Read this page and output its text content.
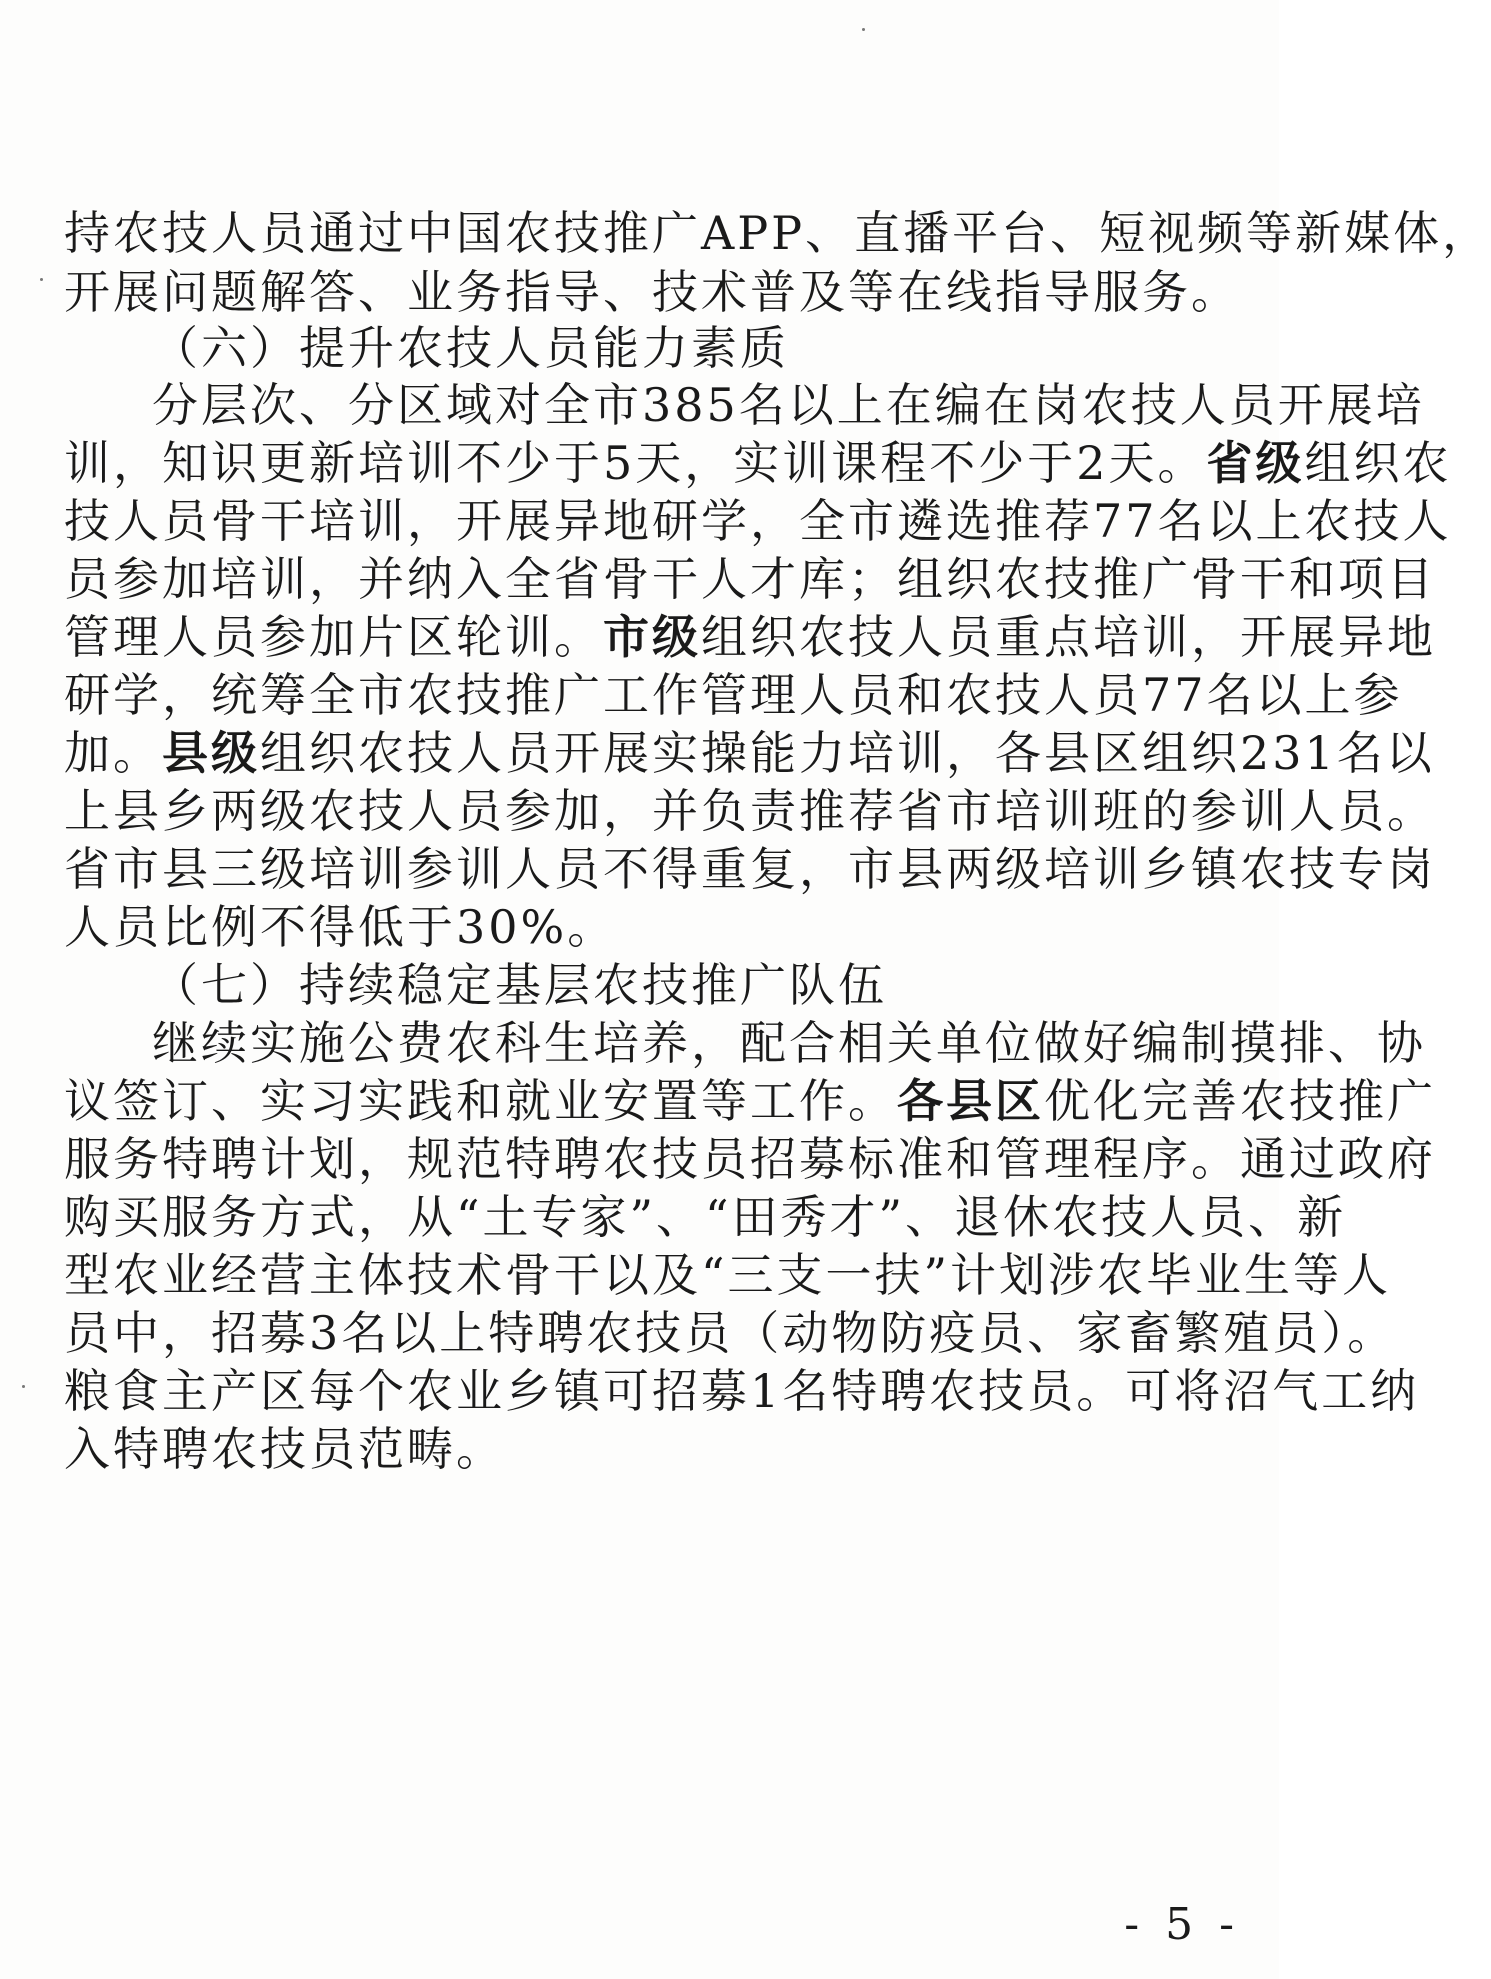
持农技人员通过中国农技推广APP、直播平台、短视频等新媒体，
开展问题解答、业务指导、技术普及等在线指导服务。
（六）提升农技人员能力素质
分层次、分区域对全市385名以上在编在岗农技人员开展培
训，知识更新培训不少于5天，实训课程不少于2天。省级组织农
技人员骨干培训，开展异地研学，全市遴选推荐77名以上农技人
员参加培训，并纳入全省骨干人才库；组织农技推广骨干和项目
管理人员参加片区轮训。市级组织农技人员重点培训，开展异地
研学，统筹全市农技推广工作管理人员和农技人员77名以上参
加。县级组织农技人员开展实操能力培训，各县区组织231名以
上县乡两级农技人员参加，并负责推荐省市培训班的参训人员。
省市县三级培训参训人员不得重复，市县两级培训乡镇农技专岗
人员比例不得低于30%。
（七）持续稳定基层农技推广队伍
继续实施公费农科生培养，配合相关单位做好编制摸排、协
议签订、实习实践和就业安置等工作。各县区优化完善农技推广
服务特聘计划，规范特聘农技员招募标准和管理程序。通过政府
购买服务方式，从“土专家”、“田秀才”、退休农技人员、新
型农业经营主体技术骨干以及“三支一扶”计划涉农毕业生等人
员中，招募3名以上特聘农技员（动物防疫员、家畜繁殖员）。
粮食主产区每个农业乡镇可招募1名特聘农技员。可将沼气工纳
入特聘农技员范畴。
- 5 -
